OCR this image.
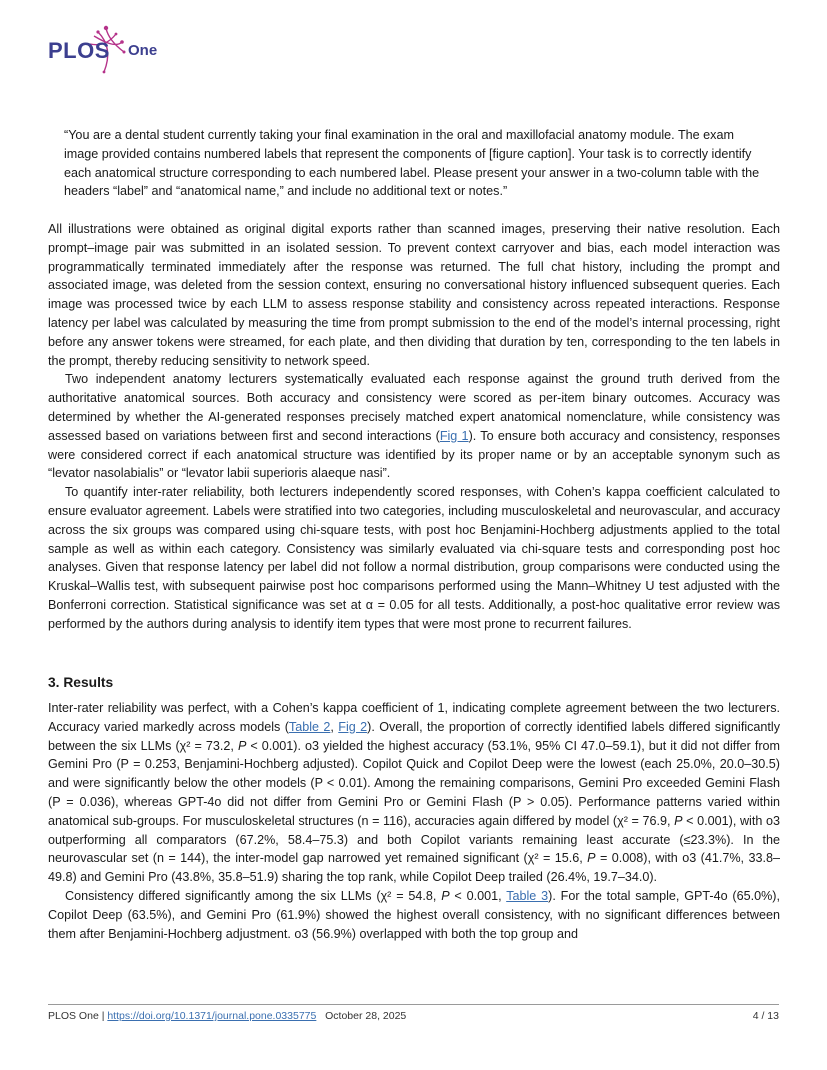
PLOS One

“You are a dental student currently taking your final examination in the oral and maxillofacial anatomy module. The exam image provided contains numbered labels that represent the components of [figure caption]. Your task is to correctly identify each anatomical structure corresponding to each numbered label. Please present your answer in a two-column table with the headers “label” and “anatomical name,” and include no additional text or notes.”

All illustrations were obtained as original digital exports rather than scanned images, preserving their native resolution. Each prompt–image pair was submitted in an isolated session. To prevent context carryover and bias, each model interaction was programmatically terminated immediately after the response was returned. The full chat history, including the prompt and associated image, was deleted from the session context, ensuring no conversational history influenced subsequent queries. Each image was processed twice by each LLM to assess response stability and consistency across repeated interactions. Response latency per label was calculated by measuring the time from prompt submission to the end of the model’s internal processing, right before any answer tokens were streamed, for each plate, and then dividing that duration by ten, corresponding to the ten labels in the prompt, thereby reducing sensitivity to network speed.

Two independent anatomy lecturers systematically evaluated each response against the ground truth derived from the authoritative anatomical sources. Both accuracy and consistency were scored as per-item binary outcomes. Accuracy was determined by whether the AI-generated responses precisely matched expert anatomical nomenclature, while consistency was assessed based on variations between first and second interactions (Fig 1). To ensure both accuracy and consistency, responses were considered correct if each anatomical structure was identified by its proper name or by an acceptable synonym such as “levator nasolabialis” or “levator labii superioris alaeque nasi”.

To quantify inter-rater reliability, both lecturers independently scored responses, with Cohen’s kappa coefficient calculated to ensure evaluator agreement. Labels were stratified into two categories, including musculoskeletal and neurovascular, and accuracy across the six groups was compared using chi-square tests, with post hoc Benjamini-Hochberg adjustments applied to the total sample as well as within each category. Consistency was similarly evaluated via chi-square tests and corresponding post hoc analyses. Given that response latency per label did not follow a normal distribution, group comparisons were conducted using the Kruskal–Wallis test, with subsequent pairwise post hoc comparisons performed using the Mann–Whitney U test adjusted with the Bonferroni correction. Statistical significance was set at α = 0.05 for all tests. Additionally, a post-hoc qualitative error review was performed by the authors during analysis to identify item types that were most prone to recurrent failures.

3. Results

Inter-rater reliability was perfect, with a Cohen’s kappa coefficient of 1, indicating complete agreement between the two lecturers. Accuracy varied markedly across models (Table 2, Fig 2). Overall, the proportion of correctly identified labels differed significantly between the six LLMs (χ² = 73.2, P < 0.001). o3 yielded the highest accuracy (53.1%, 95% CI 47.0–59.1), but it did not differ from Gemini Pro (P = 0.253, Benjamini-Hochberg adjusted). Copilot Quick and Copilot Deep were the lowest (each 25.0%, 20.0–30.5) and were significantly below the other models (P < 0.01). Among the remaining comparisons, Gemini Pro exceeded Gemini Flash (P = 0.036), whereas GPT-4o did not differ from Gemini Pro or Gemini Flash (P > 0.05). Performance patterns varied within anatomical sub-groups. For musculoskeletal structures (n = 116), accuracies again differed by model (χ² = 76.9, P < 0.001), with o3 outperforming all comparators (67.2%, 58.4–75.3) and both Copilot variants remaining least accurate (≤23.3%). In the neurovascular set (n = 144), the inter-model gap narrowed yet remained significant (χ² = 15.6, P = 0.008), with o3 (41.7%, 33.8–49.8) and Gemini Pro (43.8%, 35.8–51.9) sharing the top rank, while Copilot Deep trailed (26.4%, 19.7–34.0).

Consistency differed significantly among the six LLMs (χ² = 54.8, P < 0.001, Table 3). For the total sample, GPT-4o (65.0%), Copilot Deep (63.5%), and Gemini Pro (61.9%) showed the highest overall consistency, with no significant differences between them after Benjamini-Hochberg adjustment. o3 (56.9%) overlapped with both the top group and

PLOS One | https://doi.org/10.1371/journal.pone.0335775 October 28, 2025	4 / 13
